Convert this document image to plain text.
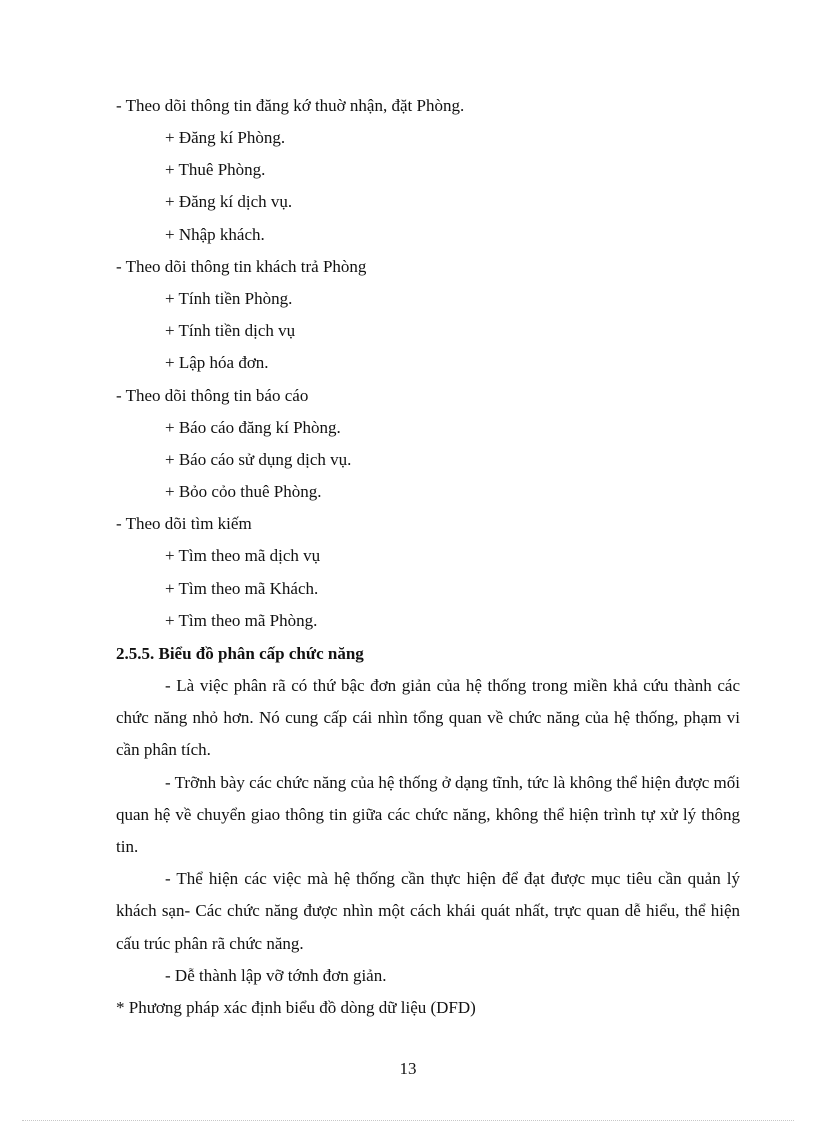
- Theo dõi thông tin đăng kớ thuờ nhận, đặt Phòng.
+ Đăng kí Phòng.
+ Thuê Phòng.
+ Đăng kí dịch vụ.
+ Nhập khách.
- Theo dõi thông tin khách trả Phòng
+ Tính tiền Phòng.
+ Tính tiền dịch vụ
+ Lập hóa đơn.
- Theo dõi thông tin báo cáo
+ Báo cáo đăng kí Phòng.
+ Báo cáo sử dụng dịch vụ.
+ Bỏo cỏo thuê Phòng.
- Theo dõi tìm kiếm
+ Tìm theo mã dịch vụ
+ Tìm theo mã Khách.
+ Tìm theo mã Phòng.
2.5.5. Biểu đồ phân cấp chức năng

- Là việc phân rã có thứ bậc đơn giản của hệ thống trong miền khả cứu thành các chức năng nhỏ hơn. Nó cung cấp cái nhìn tổng quan về chức năng của hệ thống, phạm vi cần phân tích.

- Trỡnh bày các chức năng của hệ thống ở dạng tĩnh, tức là không thể hiện được mối quan hệ về chuyển giao thông tin giữa các chức năng, không thể hiện trình tự xử lý thông tin.

- Thể hiện các việc mà hệ thống cần thực hiện để đạt được mục tiêu cần quản lý khách sạn- Các chức năng được nhìn một cách khái quát nhất, trực quan dễ hiểu, thể hiện cấu trúc phân rã chức năng.

- Dễ thành lập vỡ tớnh đơn giản.

* Phương pháp xác định biểu đồ dòng dữ liệu (DFD)
13
